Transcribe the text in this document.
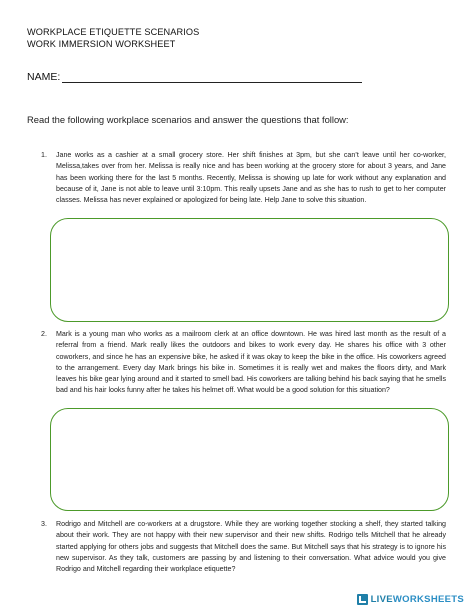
WORKPLACE ETIQUETTE SCENARIOS
WORK IMMERSION WORKSHEET
NAME:
Read the following workplace scenarios and answer the questions that follow:
1. Jane works as a cashier at a small grocery store. Her shift finishes at 3pm, but she can’t leave until her co-worker, Melissa,takes over from her. Melissa is really nice and has been working at the grocery store for about 3 years, and Jane has been working there for the last 5 months. Recently, Melissa is showing up late for work without any explanation and because of it, Jane is not able to leave until 3:10pm. This really upsets Jane and as she has to rush to get to her computer classes. Melissa has never explained or apologized for being late. Help Jane to solve this situation.
2. Mark is a young man who works as a mailroom clerk at an office downtown. He was hired last month as the result of a referral from a friend. Mark really likes the outdoors and bikes to work every day. He shares his office with 3 other coworkers, and since he has an expensive bike, he asked if it was okay to keep the bike in the office. His coworkers agreed to the arrangement. Every day Mark brings his bike in. Sometimes it is really wet and makes the floors dirty, and Mark leaves his bike gear lying around and it started to smell bad. His coworkers are talking behind his back saying that he smells bad and his hair looks funny after he takes his helmet off. What would be a good solution for this situation?
3. Rodrigo and Mitchell are co-workers at a drugstore. While they are working together stocking a shelf, they started talking about their work. They are not happy with their new supervisor and their new shifts. Rodrigo tells Mitchell that he already started applying for others jobs and suggests that Mitchell does the same. But Mitchell says that his strategy is to ignore his new supervisor. As they talk, customers are passing by and listening to their conversation. What advice would you give Rodrigo and Mitchell regarding their workplace etiquette?
LIVE WORKSHEETS
